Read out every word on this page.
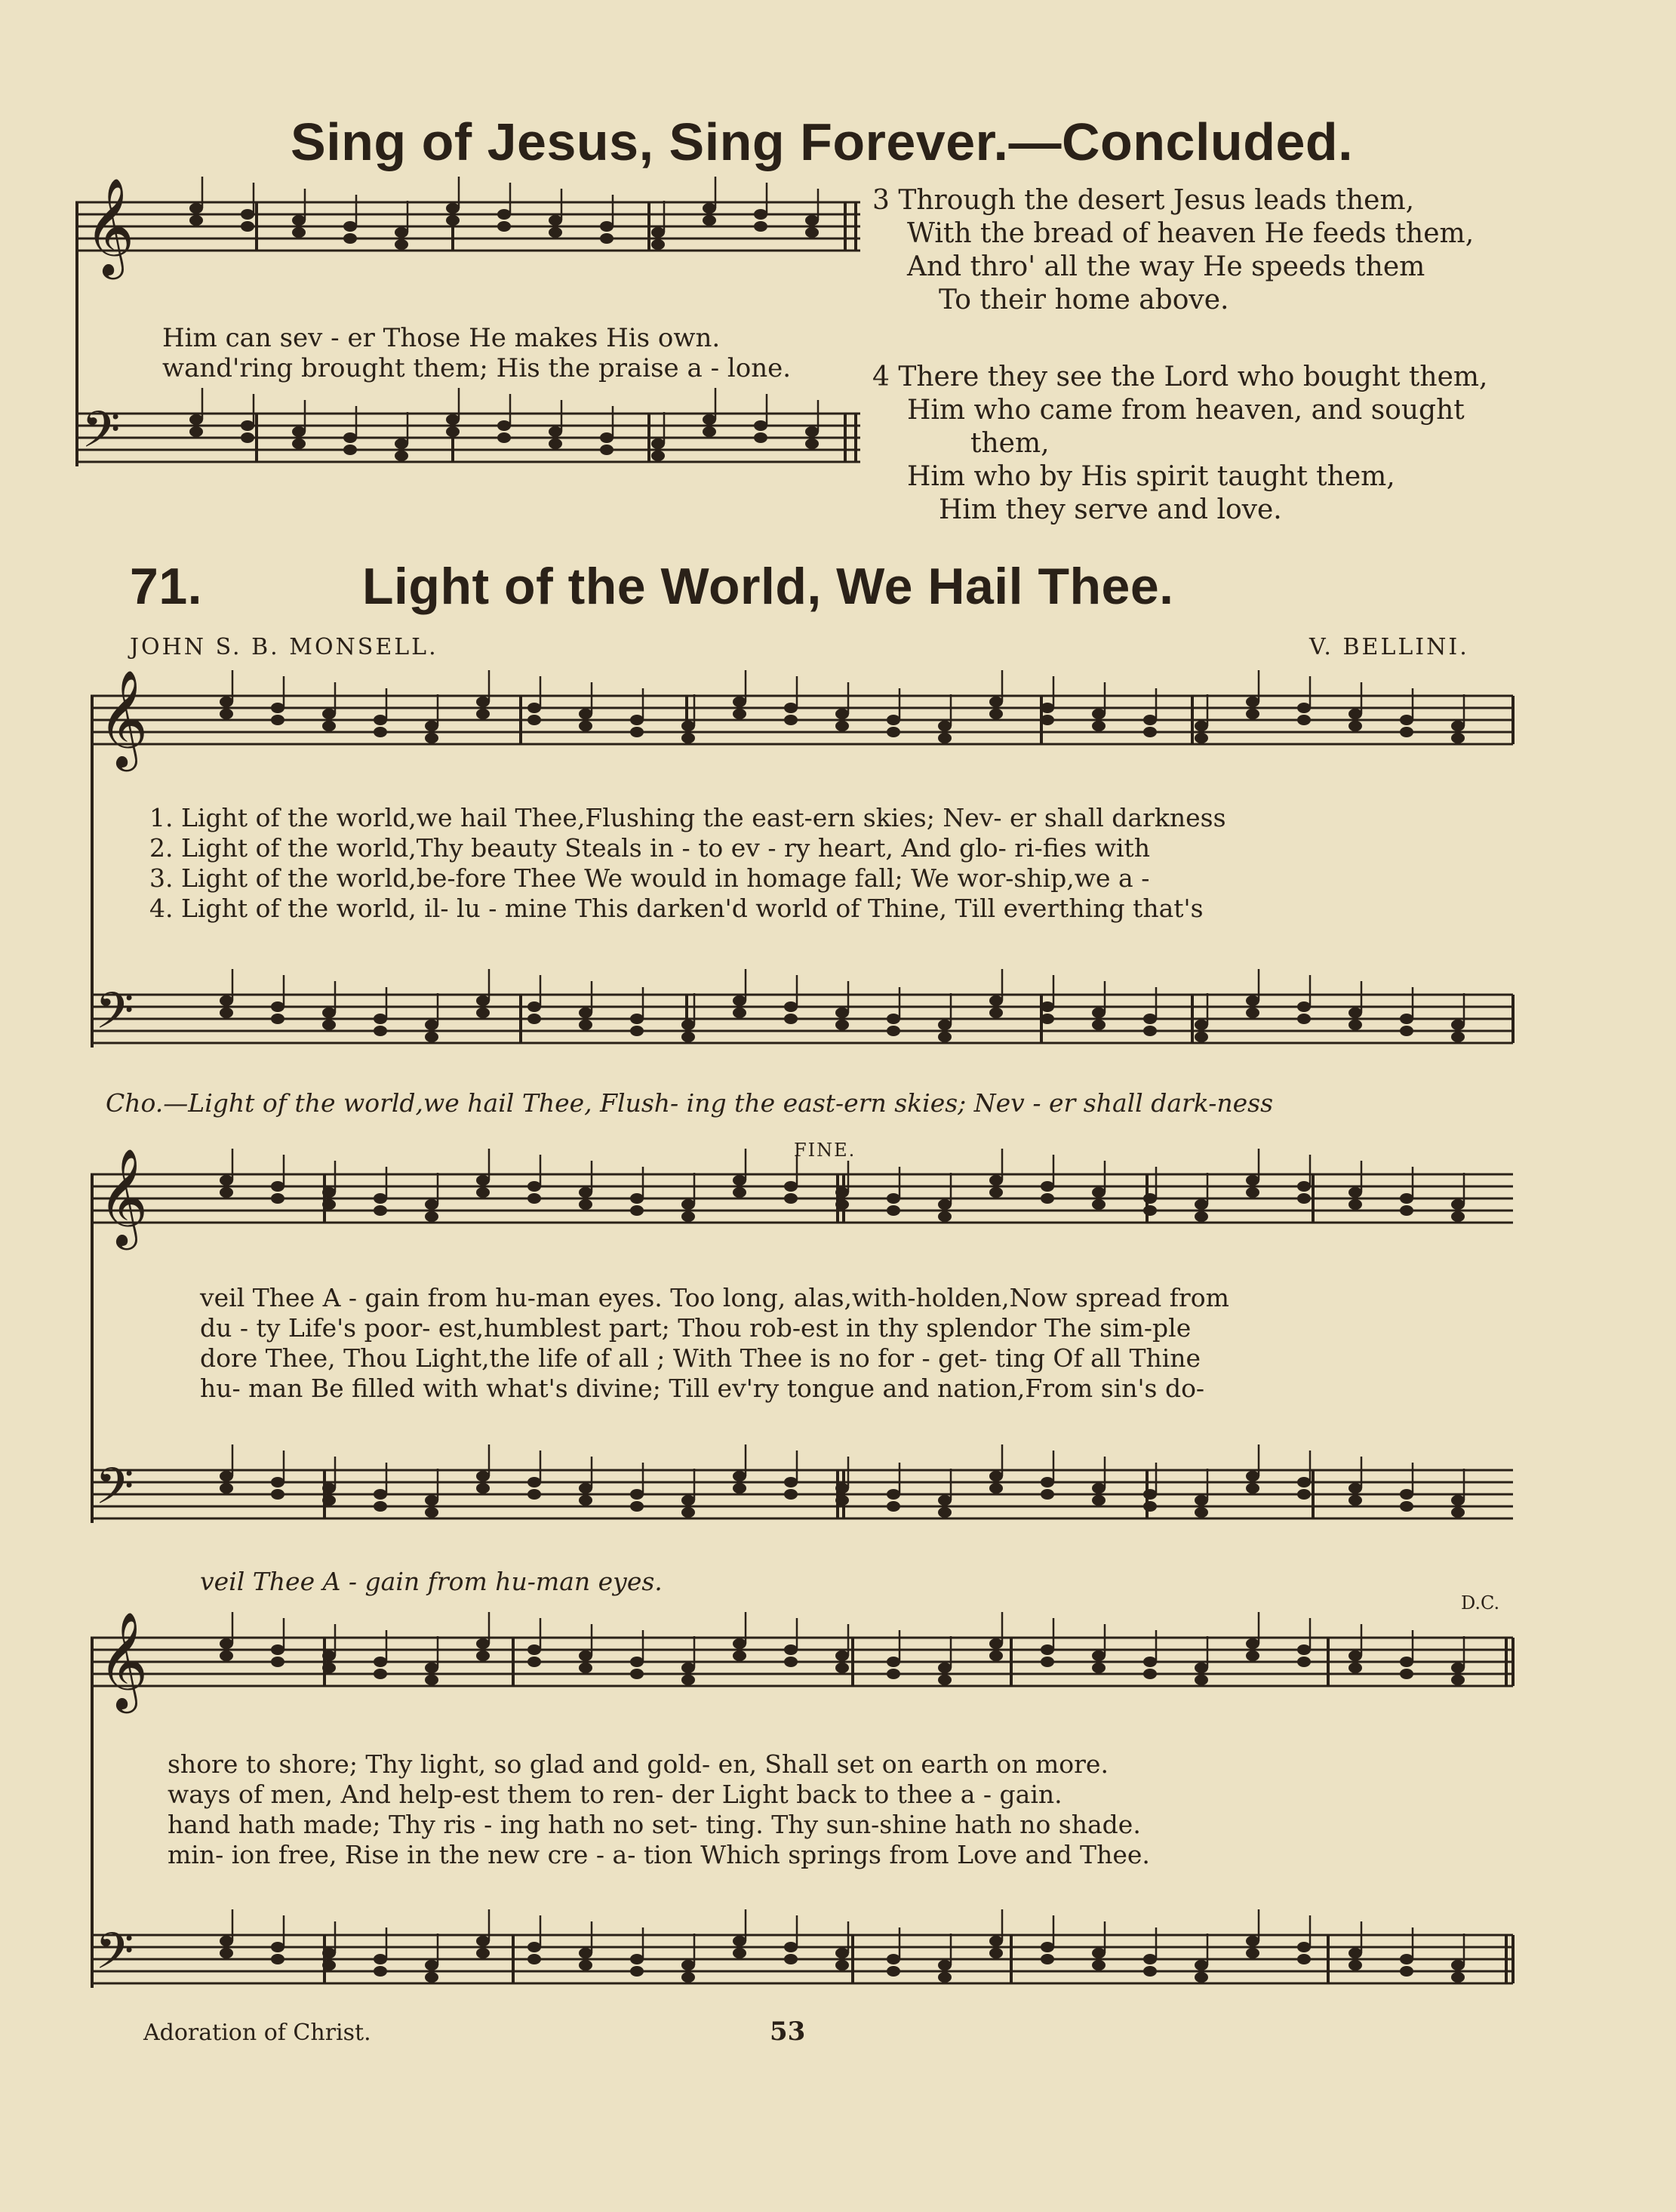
Sing of Jesus, Sing Forever.—Concluded.
𝄞
𝄢
Him can sev - er Those He makes His own.
wand'ring brought them; His the praise a - lone.
3 Through the desert Jesus leads them,
With the bread of heaven He feeds them,
And thro' all the way He speeds them
To their home above.
4 There they see the Lord who bought them,
Him who came from heaven, and sought
them,
Him who by His spirit taught them,
Him they serve and love.
71.	Light of the World, We Hail Thee.
JOHN S. B. MONSELL.	V. BELLINI.
𝄞
𝄢
1. Light of the world,we hail Thee,Flushing the east-ern skies; Nev- er shall darkness
2. Light of the world,Thy beauty Steals in - to ev - ry heart, And glo- ri-fies with
3. Light of the world,be-fore Thee We would in homage fall; We wor-ship,we a -
4. Light of the world, il- lu - mine This darken'd world of Thine, Till everthing that's
Cho.—Light of the world,we hail Thee, Flush- ing the east-ern skies; Nev - er shall dark-ness
𝄞	FINE.
𝄢
veil Thee A - gain from hu-man eyes. Too long, alas,with-holden,Now spread from
du - ty Life's poor- est,humblest part; Thou rob-est in thy splendor The sim-ple
dore Thee, Thou Light,the life of all ; With Thee is no for - get- ting Of all Thine
hu- man Be filled with what's divine; Till ev'ry tongue and nation,From sin's do-
veil Thee A - gain from hu-man eyes.
D.C.
𝄞
𝄢
shore to shore; Thy light, so glad and gold- en, Shall set on earth on more.
ways of men, And help-est them to ren- der Light back to thee a - gain.
hand hath made; Thy ris - ing hath no set- ting. Thy sun-shine hath no shade.
min- ion free, Rise in the new cre - a- tion Which springs from Love and Thee.
Adoration of Christ.	53
